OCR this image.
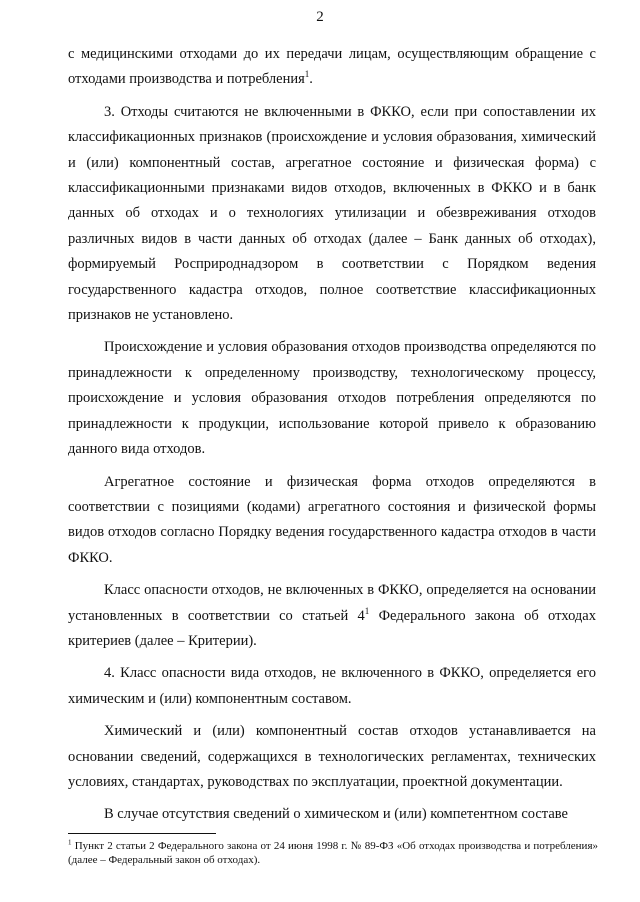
2

с медицинскими отходами до их передачи лицам, осуществляющим обращение с отходами производства и потребления$^1$.

3. Отходы считаются не включенными в ФККО, если при сопоставлении их классификационных признаков (происхождение и условия образования, химический и (или) компонентный состав, агрегатное состояние и физическая форма) с классификационными признаками видов отходов, включенных в ФККО и в банк данных об отходах и о технологиях утилизации и обезвреживания отходов различных видов в части данных об отходах (далее – Банк данных об отходах), формируемый Росприроднадзором в соответствии с Порядком ведения государственного кадастра отходов, полное соответствие классификационных признаков не установлено.

Происхождение и условия образования отходов производства определяются по принадлежности к определенному производству, технологическому процессу, происхождение и условия образования отходов потребления определяются по принадлежности к продукции, использование которой привело к образованию данного вида отходов.

Агрегатное состояние и физическая форма отходов определяются в соответствии с позициями (кодами) агрегатного состояния и физической формы видов отходов согласно Порядку ведения государственного кадастра отходов в части ФККО.

Класс опасности отходов, не включенных в ФККО, определяется на основании установленных в соответствии со статьей $4^1$ Федерального закона об отходах критериев (далее – Критерии).

4. Класс опасности вида отходов, не включенного в ФККО, определяется его химическим и (или) компонентным составом.

Химический и (или) компонентный состав отходов устанавливается на основании сведений, содержащихся в технологических регламентах, технических условиях, стандартах, руководствах по эксплуатации, проектной документации.

В случае отсутствия сведений о химическом и (или) компетентном составе

$^1$ Пункт 2 статьи 2 Федерального закона от 24 июня 1998 г. № 89-ФЗ «Об отходах производства и потребления» (далее – Федеральный закон об отходах).
